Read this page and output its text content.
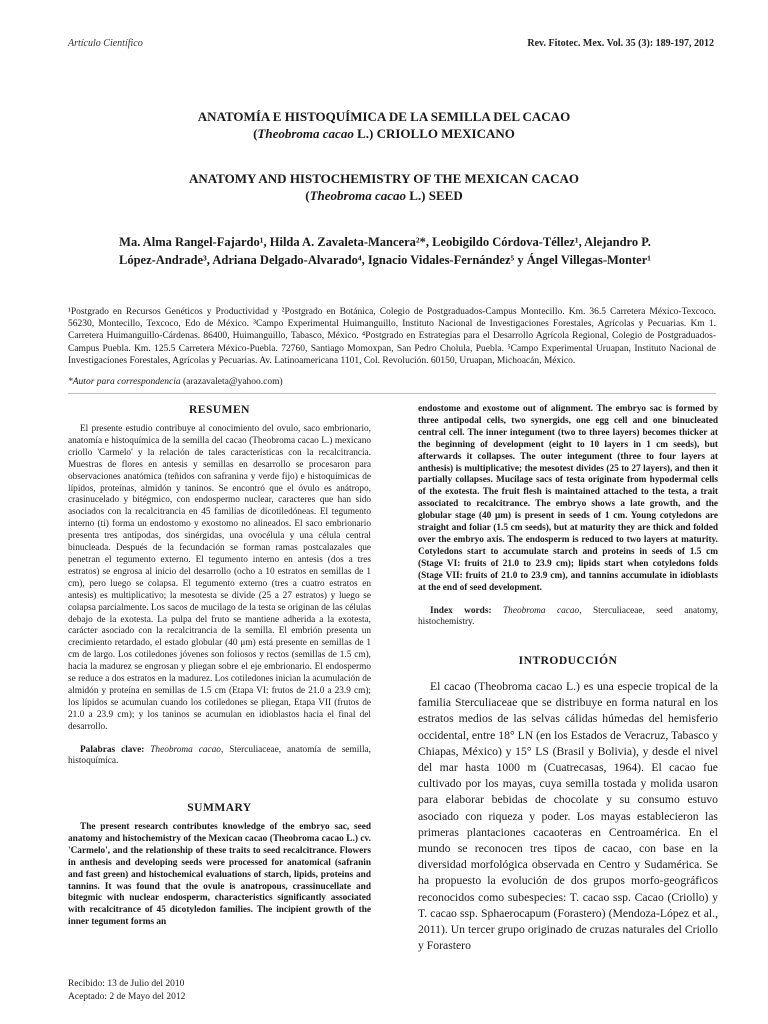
Artículo Científico	Rev. Fitotec. Mex. Vol. 35 (3): 189-197, 2012
ANATOMÍA E HISTOQUÍMICA DE LA SEMILLA DEL CACAO
(Theobroma cacao L.) CRIOLLO MEXICANO
ANATOMY AND HISTOCHEMISTRY OF THE MEXICAN CACAO
(Theobroma cacao L.) SEED
Ma. Alma Rangel-Fajardo¹, Hilda A. Zavaleta-Mancera²*, Leobigildo Córdova-Téllez¹, Alejandro P.
López-Andrade³, Adriana Delgado-Alvarado⁴, Ignacio Vidales-Fernández⁵ y Ángel Villegas-Monter¹
¹Postgrado en Recursos Genéticos y Productividad y ²Postgrado en Botánica, Colegio de Postgraduados-Campus Montecillo. Km. 36.5 Carretera México-Texcoco. 56230, Montecillo, Texcoco, Edo de México. ³Campo Experimental Huimanguillo, Instituto Nacional de Investigaciones Forestales, Agrícolas y Pecuarias. Km 1. Carretera Huimanguillo-Cárdenas. 86400, Huimanguillo, Tabasco, México. ⁴Postgrado en Estrategias para el Desarrollo Agrícola Regional, Colegio de Postgraduados-Campus Puebla. Km. 125.5 Carretera México-Puebla. 72760, Santiago Momoxpan, San Pedro Cholula, Puebla. ⁵Campo Experimental Uruapan, Instituto Nacional de Investigaciones Forestales, Agrícolas y Pecuarias. Av. Latinoamericana 1101, Col. Revolución. 60150, Uruapan, Michoacán, México.
*Autor para correspondencia (arazavaleta@yahoo.com)
RESUMEN

El presente estudio contribuye al conocimiento del ovulo, saco embrionario, anatomía e histoquímica de la semilla del cacao (Theobroma cacao L.) mexicano criollo 'Carmelo' y la relación de tales características con la recalcitrancia. Muestras de flores en antesis y semillas en desarrollo se procesaron para observaciones anatómica (teñidos con safranina y verde fijo) e histoquímicas de lípidos, proteínas, almidón y taninos. Se encontró que el óvulo es anátropo, crasinucelado y bitégmico, con endospermo nuclear, caracteres que han sido asociados con la recalcitrancia en 45 familias de dicotiledóneas. El tegumento interno (ti) forma un endostomo y exostomo no alineados. El saco embrionario presenta tres antípodas, dos sinérgidas, una ovocélula y una célula central binucleada. Después de la fecundación se forman ramas postcalazales que penetran el tegumento externo. El tegumento interno en antesis (dos a tres estratos) se engrosa al inicio del desarrollo (ocho a 10 estratos en semillas de 1 cm), pero luego se colapsa. El tegumento externo (tres a cuatro estratos en antesis) es multiplicativo; la mesotesta se divide (25 a 27 estratos) y luego se colapsa parcialmente. Los sacos de mucilago de la testa se originan de las células debajo de la exotesta. La pulpa del fruto se mantiene adherida a la exotesta, carácter asociado con la recalcitrancia de la semilla. El embrión presenta un crecimiento retardado, el estado globular (40 μm) está presente en semillas de 1 cm de largo. Los cotiledones jóvenes son foliosos y rectos (semillas de 1.5 cm), hacia la madurez se engrosan y pliegan sobre el eje embrionario. El endospermo se reduce a dos estratos en la madurez. Los cotiledones inician la acumulación de almidón y proteína en semillas de 1.5 cm (Etapa VI: frutos de 21.0 a 23.9 cm); los lípidos se acumulan cuando los cotiledones se pliegan, Etapa VII (frutos de 21.0 a 23.9 cm); y los taninos se acumulan en idioblastos hacia el final del desarrollo.

Palabras clave: Theobroma cacao, Sterculiaceae, anatomía de semilla, histoquímica.

SUMMARY

The present research contributes knowledge of the embryo sac, seed anatomy and histochemistry of the Mexican cacao (Theobroma cacao L.) cv. 'Carmelo', and the relationship of these traits to seed recalcitrance. Flowers in anthesis and developing seeds were processed for anatomical (safranin and fast green) and histochemical evaluations of starch, lipids, proteins and tannins. It was found that the ovule is anatropous, crassinucellate and bitegmic with nuclear endosperm, characteristics significantly associated with recalcitrance of 45 dicotyledon families. The incipient growth of the inner tegument forms an

Recibido: 13 de Julio del 2010
Aceptado: 2 de Mayo del 2012

endostome and exostome out of alignment. The embryo sac is formed by three antipodal cells, two synergids, one egg cell and one binucleated central cell. The inner integument (two to three layers) becomes thicker at the beginning of development (eight to 10 layers in 1 cm seeds), but afterwards it collapses. The outer integument (three to four layers at anthesis) is multiplicative; the mesotest divides (25 to 27 layers), and then it partially collapses. Mucilage sacs of testa originate from hypodermal cells of the exotesta. The fruit flesh is maintained attached to the testa, a trait associated to recalcitrance. The embryo shows a late growth, and the globular stage (40 μm) is present in seeds of 1 cm. Young cotyledons are straight and foliar (1.5 cm seeds), but at maturity they are thick and folded over the embryo axis. The endosperm is reduced to two layers at maturity. Cotyledons start to accumulate starch and proteins in seeds of 1.5 cm (Stage VI: fruits of 21.0 to 23.9 cm); lipids start when cotyledons folds (Stage VII: fruits of 21.0 to 23.9 cm), and tannins accumulate in idioblasts at the end of seed development.

Index words: Theobroma cacao, Sterculiaceae, seed anatomy, histochemistry.

INTRODUCCIÓN

El cacao (Theobroma cacao L.) es una especie tropical de la familia Sterculiaceae que se distribuye en forma natural en los estratos medios de las selvas cálidas húmedas del hemisferio occidental, entre 18° LN (en los Estados de Veracruz, Tabasco y Chiapas, México) y 15° LS (Brasil y Bolivia), y desde el nivel del mar hasta 1000 m (Cuatrecasas, 1964). El cacao fue cultivado por los mayas, cuya semilla tostada y molida usaron para elaborar bebidas de chocolate y su consumo estuvo asociado con riqueza y poder. Los mayas establecieron las primeras plantaciones cacaoteras en Centroamérica. En el mundo se reconocen tres tipos de cacao, con base en la diversidad morfológica observada en Centro y Sudamérica. Se ha propuesto la evolución de dos grupos morfo-geográficos reconocidos como subespecies: T. cacao ssp. Cacao (Criollo) y T. cacao ssp. Sphaerocapum (Forastero) (Mendoza-López et al., 2011). Un tercer grupo originado de cruzas naturales del Criollo y Forastero
